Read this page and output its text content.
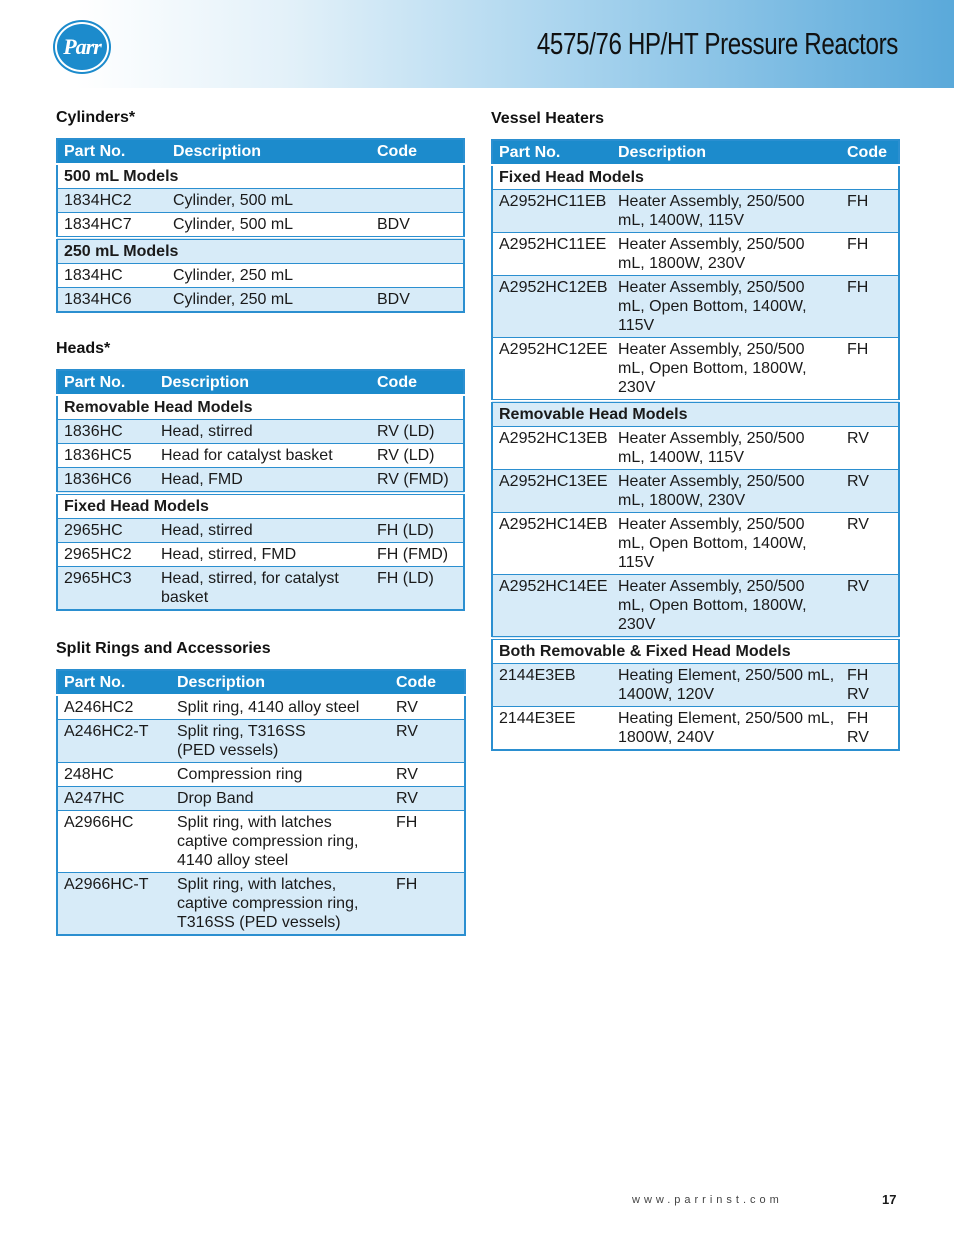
Parr	4575/76 HP/HT Pressure Reactors
Cylinders*
Part No.	Description	Code
500 mL Models		
1834HC2	Cylinder, 500 mL	
1834HC7	Cylinder, 500 mL	BDV
250 mL Models		
1834HC	Cylinder, 250 mL	
1834HC6	Cylinder, 250 mL	BDV
Heads*
Part No.	Description	Code
Removable Head Models		
1836HC	Head, stirred	RV (LD)
1836HC5	Head for catalyst basket	RV (LD)
1836HC6	Head, FMD	RV (FMD)
Fixed Head Models		
2965HC	Head, stirred	FH (LD)
2965HC2	Head, stirred, FMD	FH (FMD)
2965HC3	Head, stirred, for catalyst basket	FH (LD)
Split Rings and Accessories
Part No.	Description	Code
A246HC2	Split ring, 4140 alloy steel	RV
A246HC2-T	Split ring, T316SS (PED vessels)	RV
248HC	Compression ring	RV
A247HC	Drop Band	RV
A2966HC	Split ring, with latches captive compression ring, 4140 alloy steel	FH
A2966HC-T	Split ring, with latches, captive compression ring, T316SS (PED vessels)	FH
Vessel Heaters
Part No.	Description	Code
Fixed Head Models		
A2952HC11EB	Heater Assembly, 250/500 mL, 1400W, 115V	FH
A2952HC11EE	Heater Assembly, 250/500 mL, 1800W, 230V	FH
A2952HC12EB	Heater Assembly, 250/500 mL, Open Bottom, 1400W, 115V	FH
A2952HC12EE	Heater Assembly, 250/500 mL, Open Bottom, 1800W, 230V	FH
Removable Head Models		
A2952HC13EB	Heater Assembly, 250/500 mL, 1400W, 115V	RV
A2952HC13EE	Heater Assembly, 250/500 mL, 1800W, 230V	RV
A2952HC14EB	Heater Assembly, 250/500 mL, Open Bottom, 1400W, 115V	RV
A2952HC14EE	Heater Assembly, 250/500 mL, Open Bottom, 1800W, 230V	RV
Both Removable & Fixed Head Models		
2144E3EB	Heating Element, 250/500 mL, 1400W, 120V	FH RV
2144E3EE	Heating Element, 250/500 mL, 1800W, 240V	FH RV
www.parrinst.com	17
